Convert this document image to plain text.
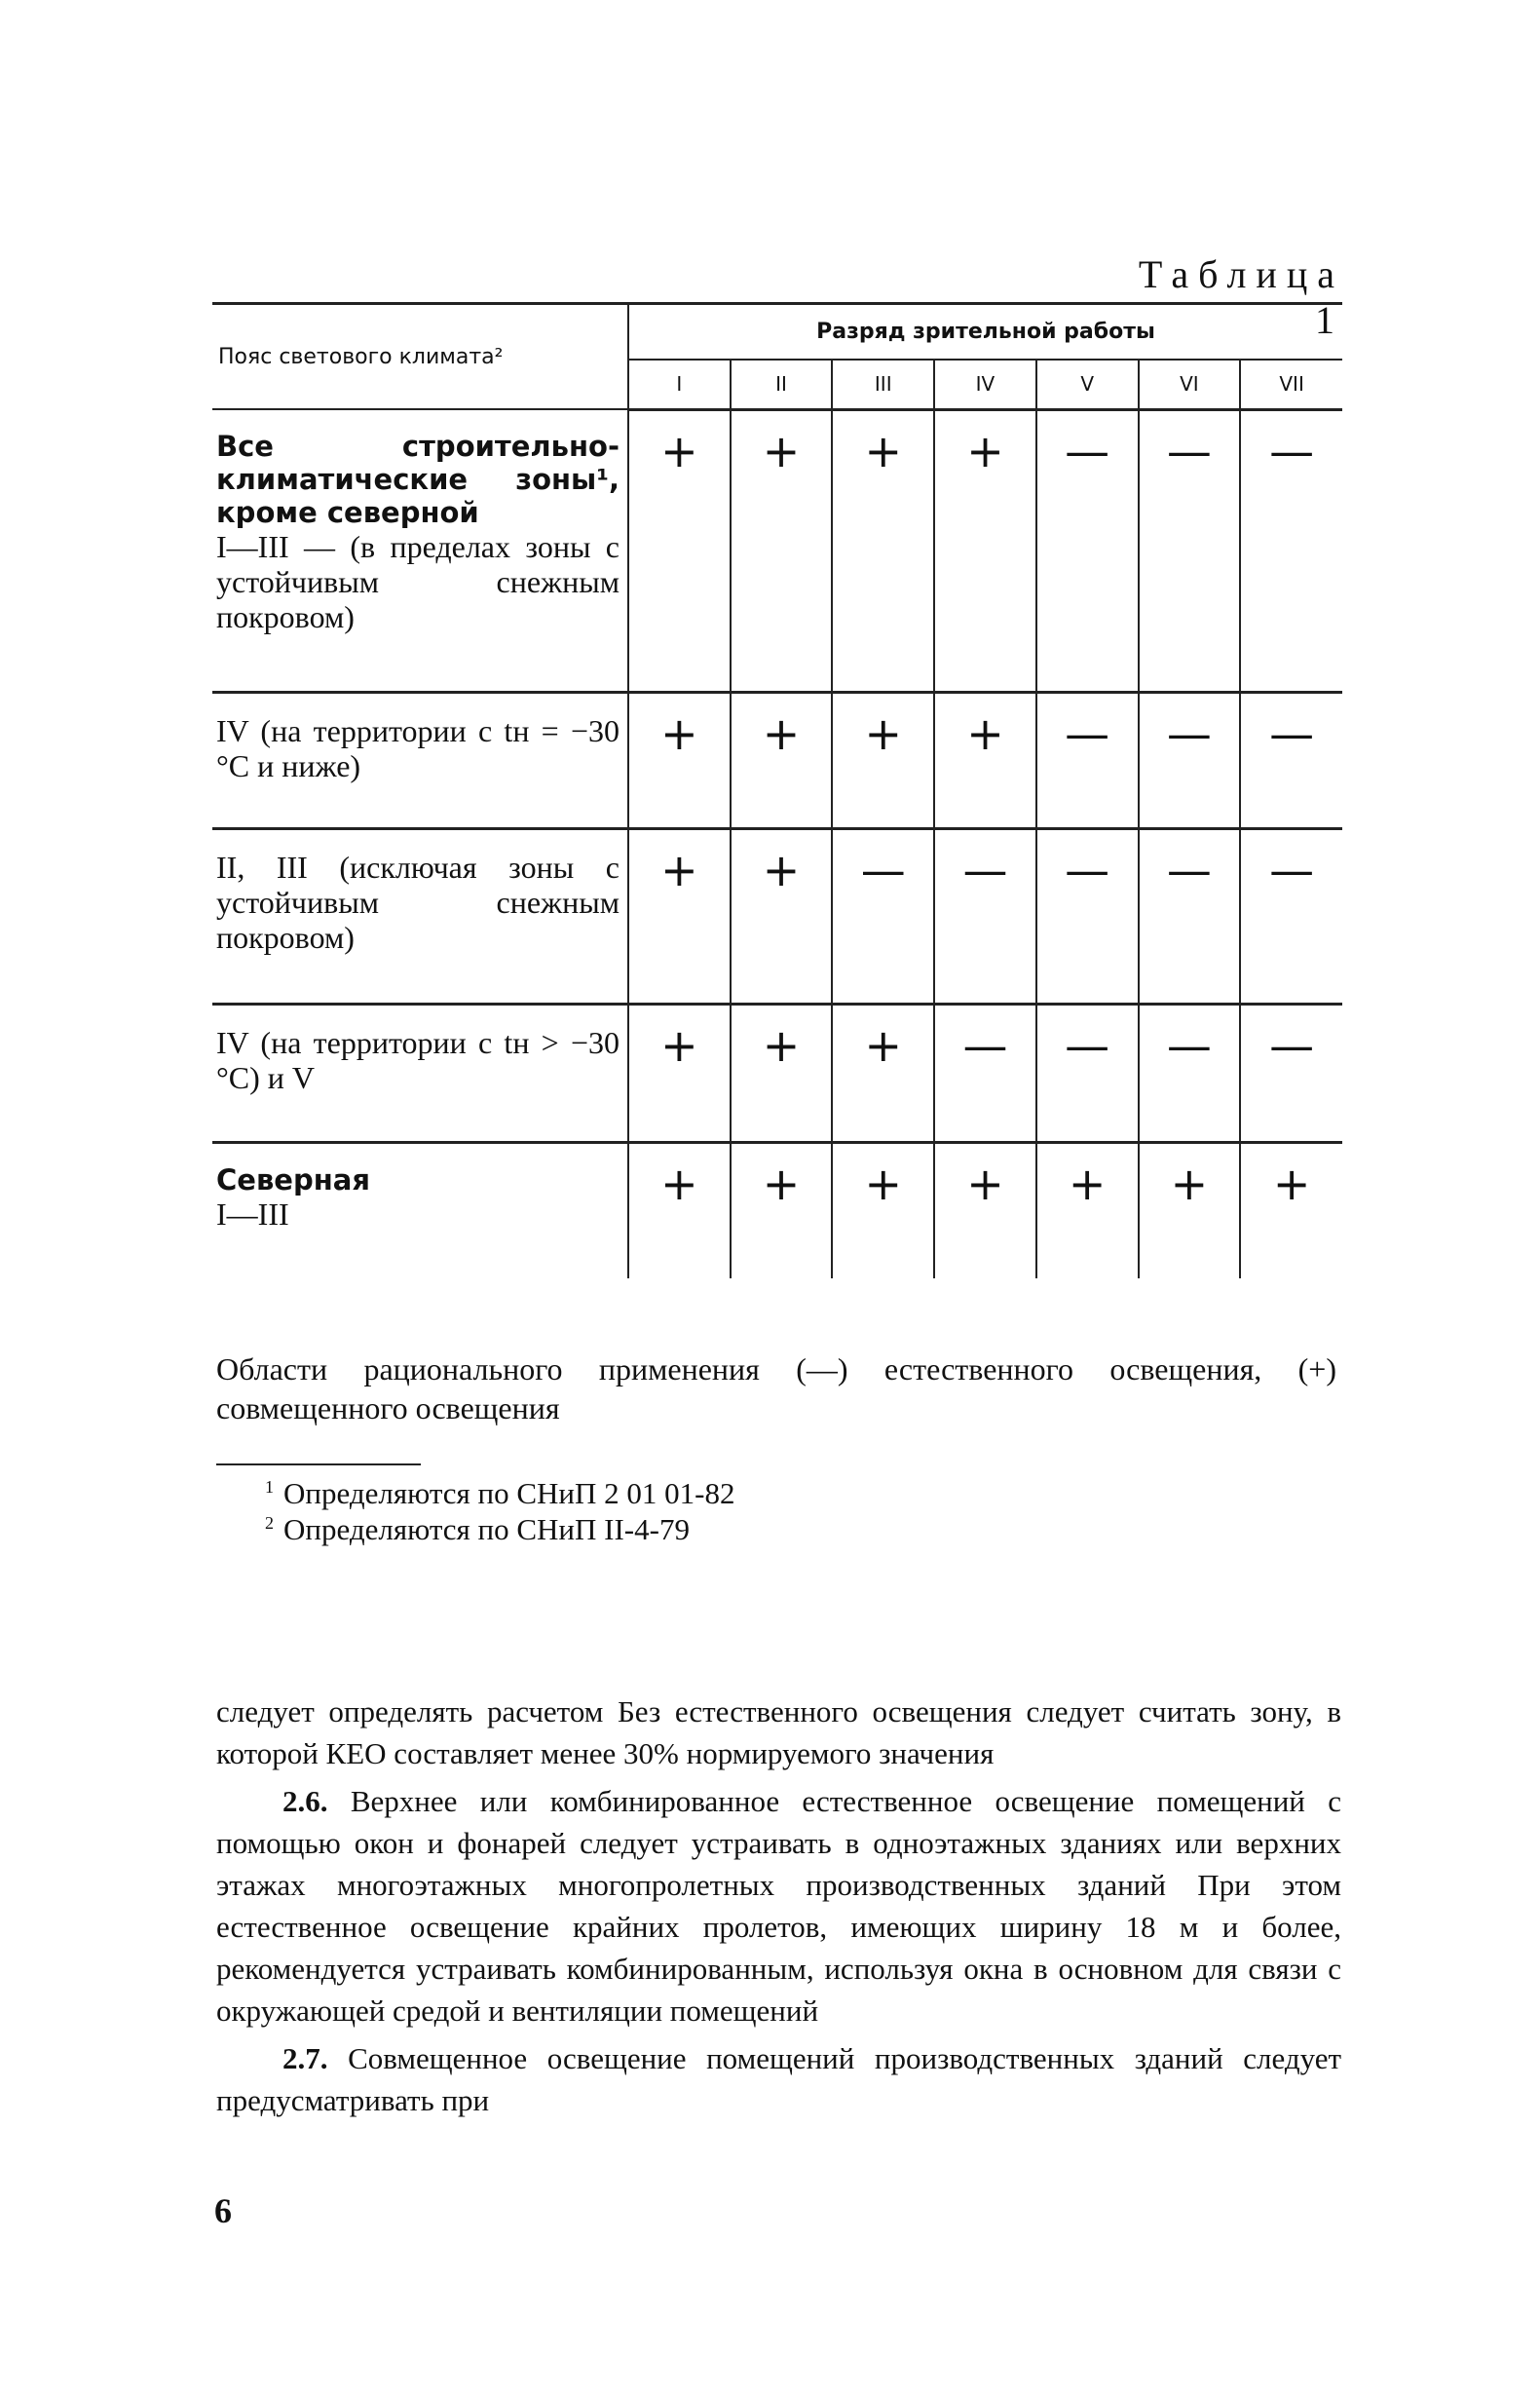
Таблица 1
Пояс светового климата²	Разряд зрительной работы						
	I	II	III	IV	V	VI	VII

Все строительно-климатические зоны¹, кроме северной
I—III — (в пределах зоны с устойчивым снежным покровом)	+	+	+	+	—	—	—

IV (на территории с tн = −30 °С и ниже)	+	+	+	+	—	—	—

II, III (исключая зоны с устойчивым снежным покровом)	+	+	—	—	—	—	—

IV (на территории с tн > −30 °С) и V	+	+	+	—	—	—	—

Северная
I—III	+	+	+	+	+	+	+
Области рационального применения (—) естественного освещения, (+) совмещенного освещения
$^1$ Определяются по СНиП 2 01 01-82
$^2$ Определяются по СНиП II-4-79

следует определять расчетом Без естественного освещения следует считать зону, в которой КЕО составляет менее 30% нормируемого значения

2.6. Верхнее или комбинированное естественное освещение помещений с помощью окон и фонарей следует устраивать в одноэтажных зданиях или верхних этажах многоэтажных многопролетных производственных зданий При этом естественное освещение крайних пролетов, имеющих ширину 18 м и более, рекомендуется устраивать комбинированным, используя окна в основном для связи с окружающей средой и вентиляции помещений

2.7. Совмещенное освещение помещений производственных зданий следует предусматривать при

6
